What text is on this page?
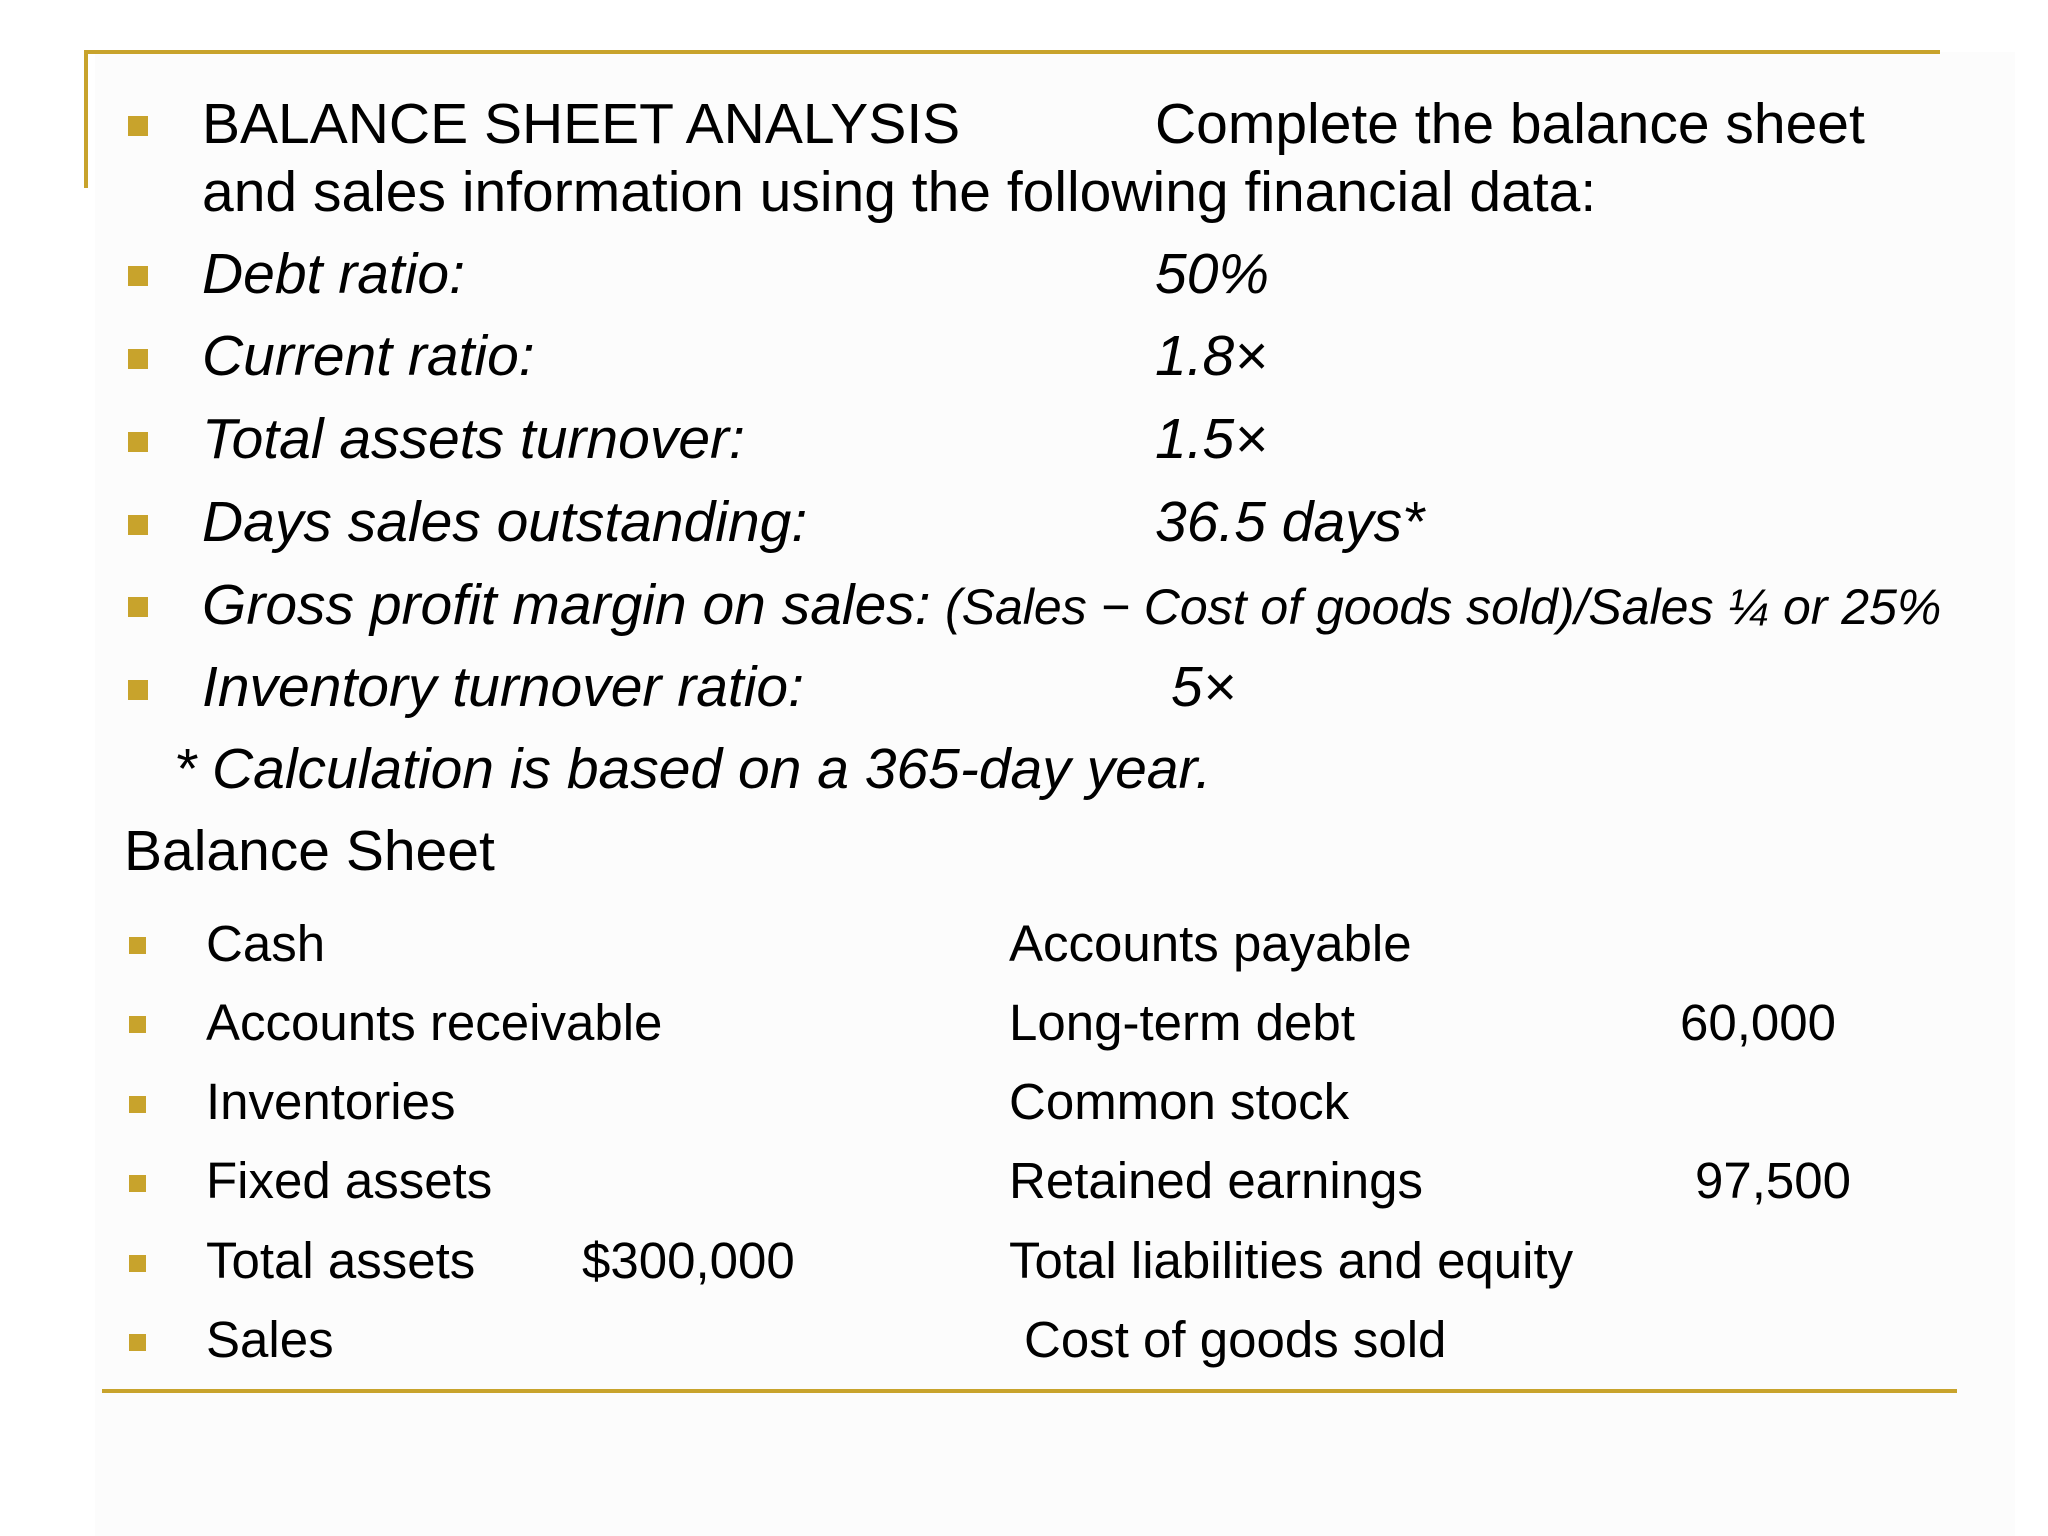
BALANCE SHEET ANALYSIS	Complete the balance sheet
and sales information using the following financial data:
Debt ratio:	50%
Current ratio:	1.8×
Total assets turnover:	1.5×
Days sales outstanding:	36.5 days*
Gross profit margin on sales: (Sales − Cost of goods sold)/Sales ¼ or 25%
Inventory turnover ratio:	5×
* Calculation is based on a 365-day year.
Balance Sheet
Cash	Accounts payable
Accounts receivable	Long-term debt	60,000
Inventories	Common stock
Fixed assets	Retained earnings	97,500
Total assets $300,000	Total liabilities and equity
Sales	Cost of goods sold
